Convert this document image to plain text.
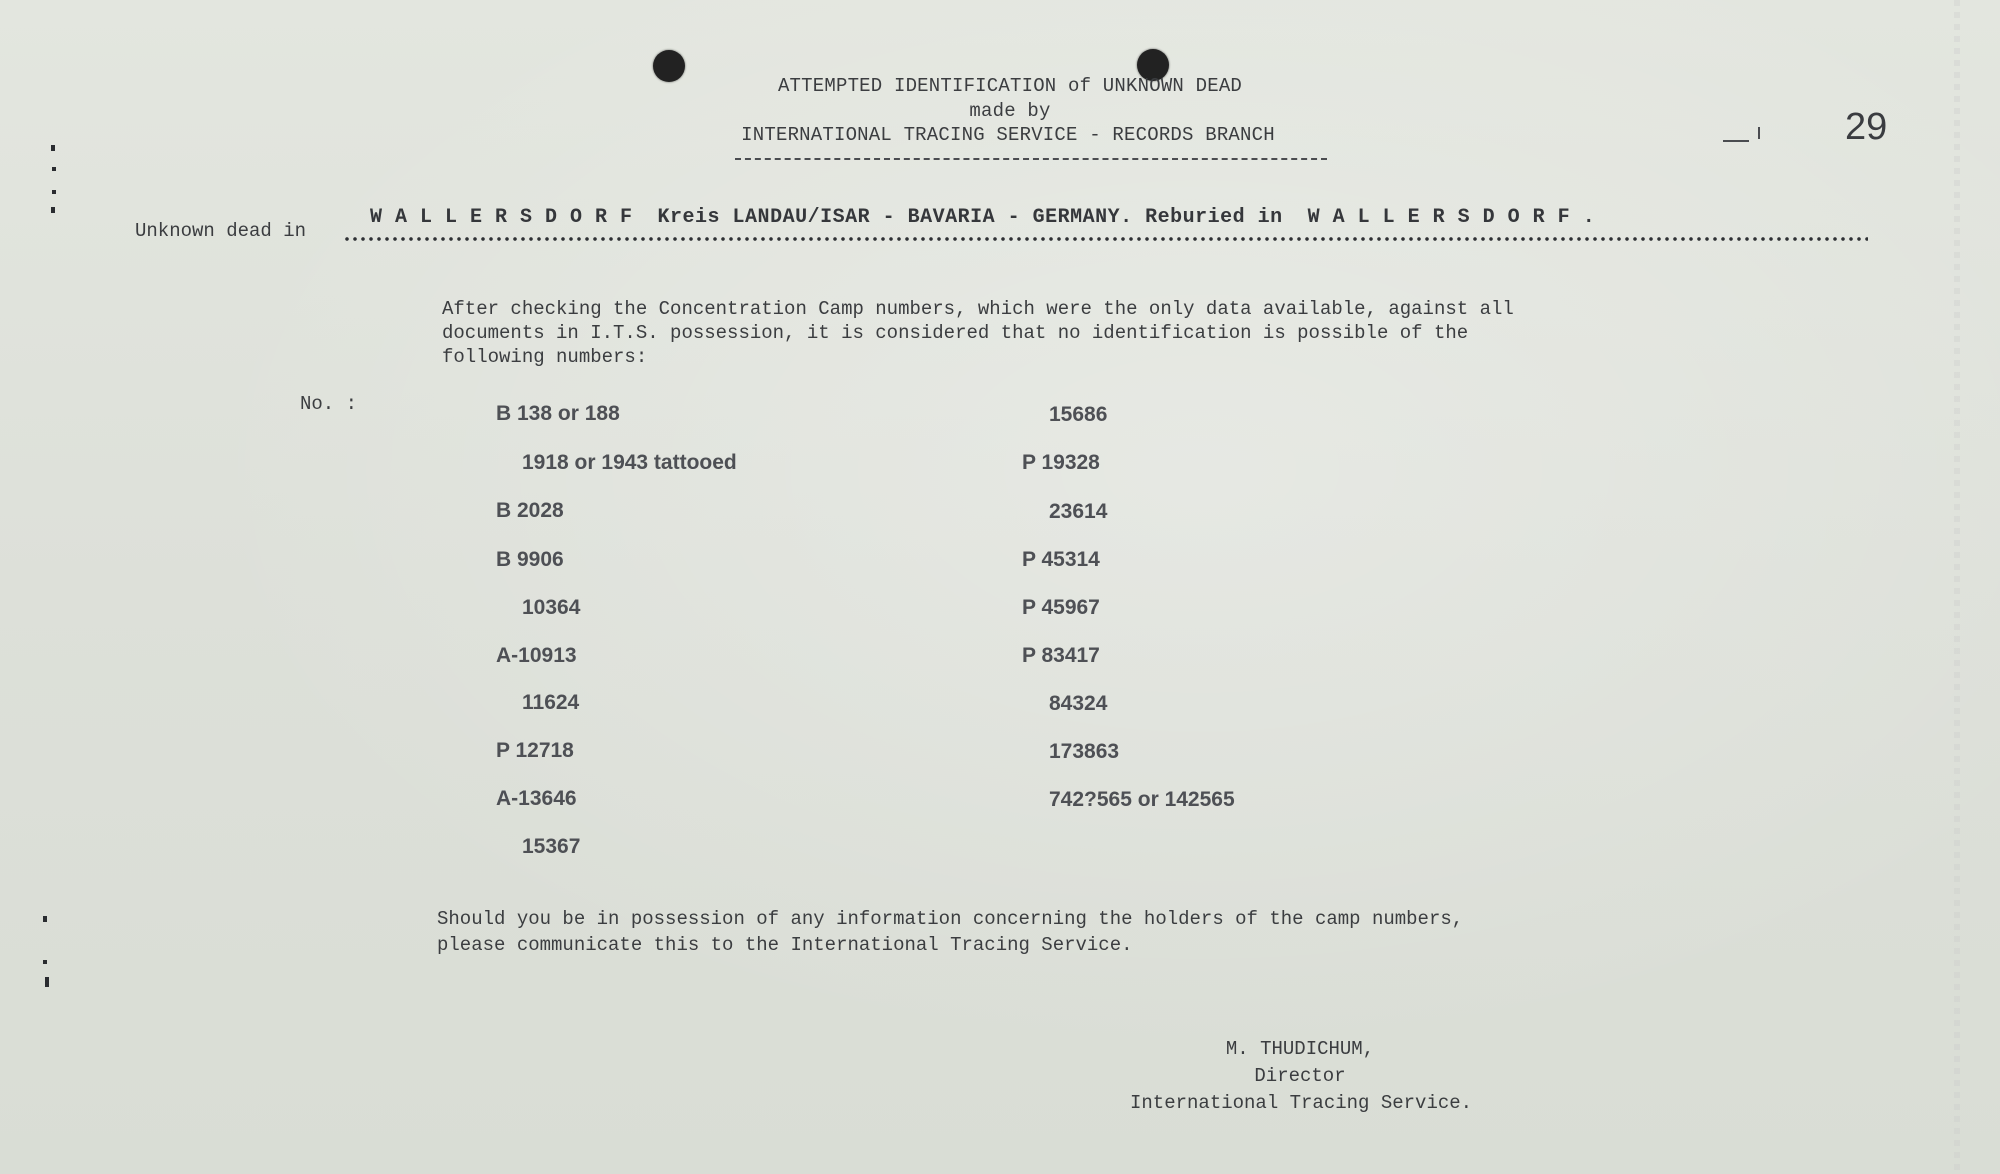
ATTEMPTED IDENTIFICATION of UNKNOWN DEAD
made by
INTERNATIONAL TRACING SERVICE - RECORDS BRANCH	29
Unknown dead in
W A L L E R S D O R F  Kreis LANDAU/ISAR - BAVARIA - GERMANY. Reburied in  W A L L E R S D O R F .
After checking the Concentration Camp numbers, which were the only data available, against all
documents in I.T.S. possession, it is considered that no identification is possible of the
following numbers:
No. :	B 138 or 188
1918 or 1943 tattooed
B 2028
B 9906
10364
A-10913
11624
P 12718
A-13646
15367
15686
P 19328
23614
P 45314
P 45967
P 83417
84324
173863
742?565 or 142565
Should you be in possession of any information concerning the holders of the camp numbers,
please communicate this to the International Tracing Service.
M. THUDICHUM,
Director
International Tracing Service.
